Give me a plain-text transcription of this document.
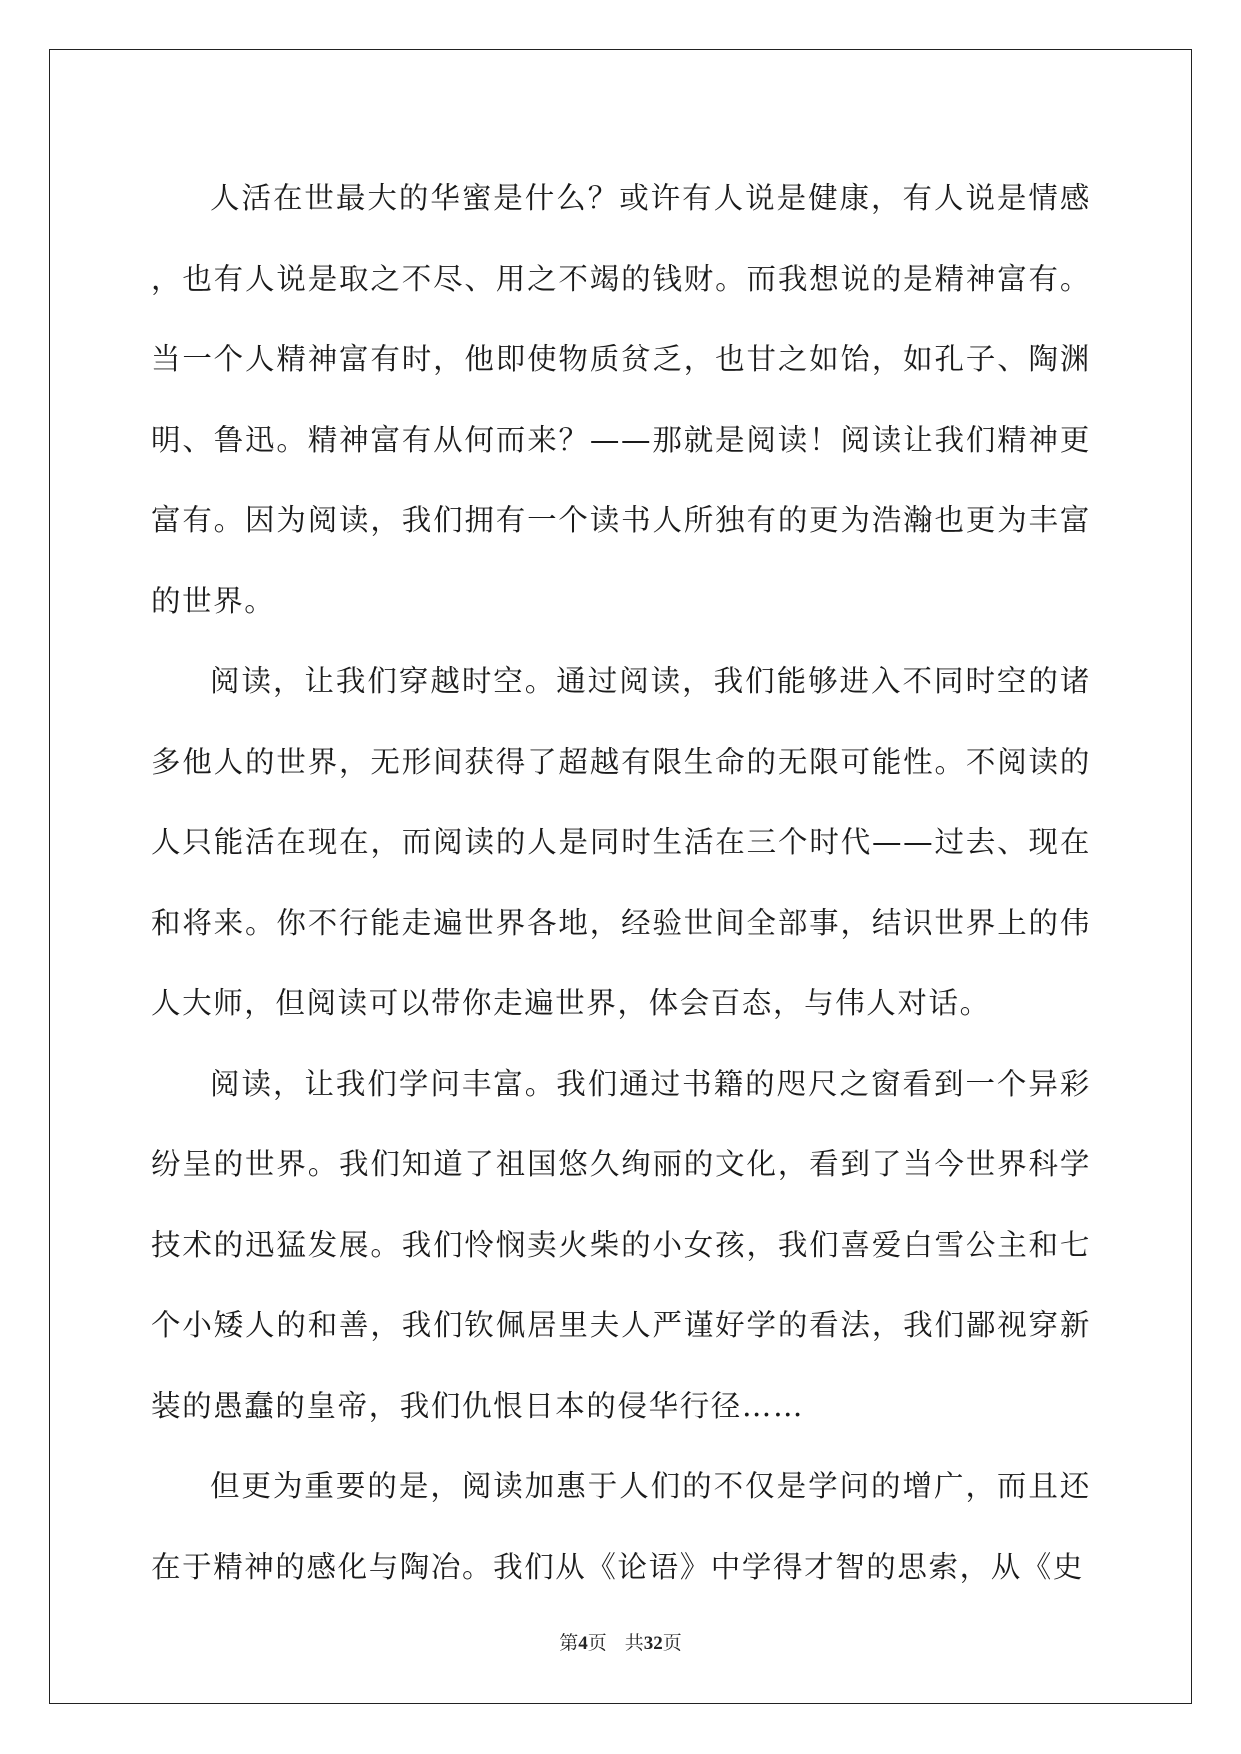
人活在世最大的华蜜是什么？或许有人说是健康，有人说是情感，也有人说是取之不尽、用之不竭的钱财。而我想说的是精神富有。当一个人精神富有时，他即使物质贫乏，也甘之如饴，如孔子、陶渊明、鲁迅。精神富有从何而来？——那就是阅读！阅读让我们精神更富有。因为阅读，我们拥有一个读书人所独有的更为浩瀚也更为丰富的世界。

阅读，让我们穿越时空。通过阅读，我们能够进入不同时空的诸多他人的世界，无形间获得了超越有限生命的无限可能性。不阅读的人只能活在现在，而阅读的人是同时生活在三个时代——过去、现在和将来。你不行能走遍世界各地，经验世间全部事，结识世界上的伟人大师，但阅读可以带你走遍世界，体会百态，与伟人对话。

阅读，让我们学问丰富。我们通过书籍的咫尺之窗看到一个异彩纷呈的世界。我们知道了祖国悠久绚丽的文化，看到了当今世界科学技术的迅猛发展。我们怜悯卖火柴的小女孩，我们喜爱白雪公主和七个小矮人的和善，我们钦佩居里夫人严谨好学的看法，我们鄙视穿新装的愚蠢的皇帝，我们仇恨日本的侵华行径……

但更为重要的是，阅读加惠于人们的不仅是学问的增广，而且还在于精神的感化与陶冶。我们从《论语》中学得才智的思索，从《史

第4页 共32页
